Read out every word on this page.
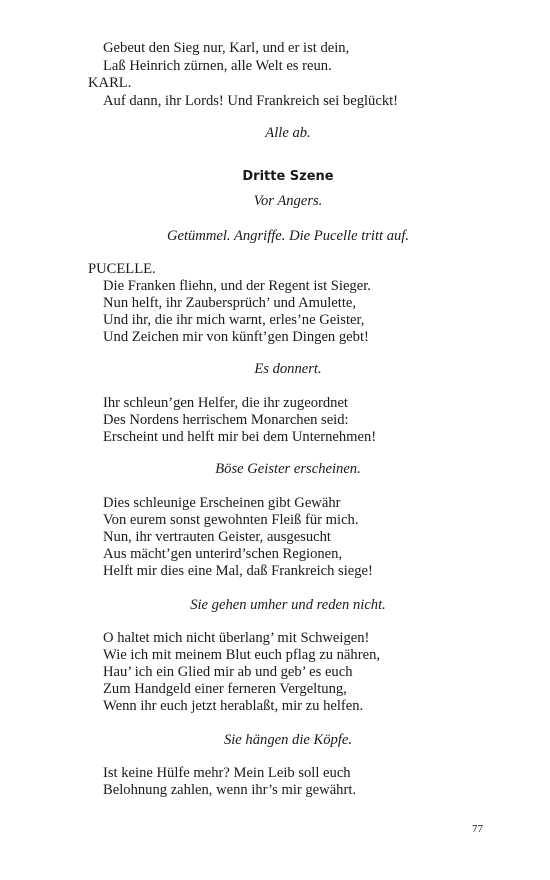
Gebeut den Sieg nur, Karl, und er ist dein,
Laß Heinrich zürnen, alle Welt es reun.
KARL.
Auf dann, ihr Lords! Und Frankreich sei beglückt!
Alle ab.
Dritte Szene
Vor Angers.
Getümmel. Angriffe. Die Pucelle tritt auf.
PUCELLE.
Die Franken fliehn, und der Regent ist Sieger.
Nun helft, ihr Zaubersprüch’ und Amulette,
Und ihr, die ihr mich warnt, erles’ne Geister,
Und Zeichen mir von künft’gen Dingen gebt!
Es donnert.
Ihr schleun’gen Helfer, die ihr zugeordnet
Des Nordens herrischem Monarchen seid:
Erscheint und helft mir bei dem Unternehmen!
Böse Geister erscheinen.
Dies schleunige Erscheinen gibt Gewähr
Von eurem sonst gewohnten Fleiß für mich.
Nun, ihr vertrauten Geister, ausgesucht
Aus mächt’gen unterird’schen Regionen,
Helft mir dies eine Mal, daß Frankreich siege!
Sie gehen umher und reden nicht.
O haltet mich nicht überlang’ mit Schweigen!
Wie ich mit meinem Blut euch pflag zu nähren,
Hau’ ich ein Glied mir ab und geb’ es euch
Zum Handgeld einer ferneren Vergeltung,
Wenn ihr euch jetzt herablaßt, mir zu helfen.
Sie hängen die Köpfe.
Ist keine Hülfe mehr? Mein Leib soll euch
Belohnung zahlen, wenn ihr’s mir gewährt.
77
